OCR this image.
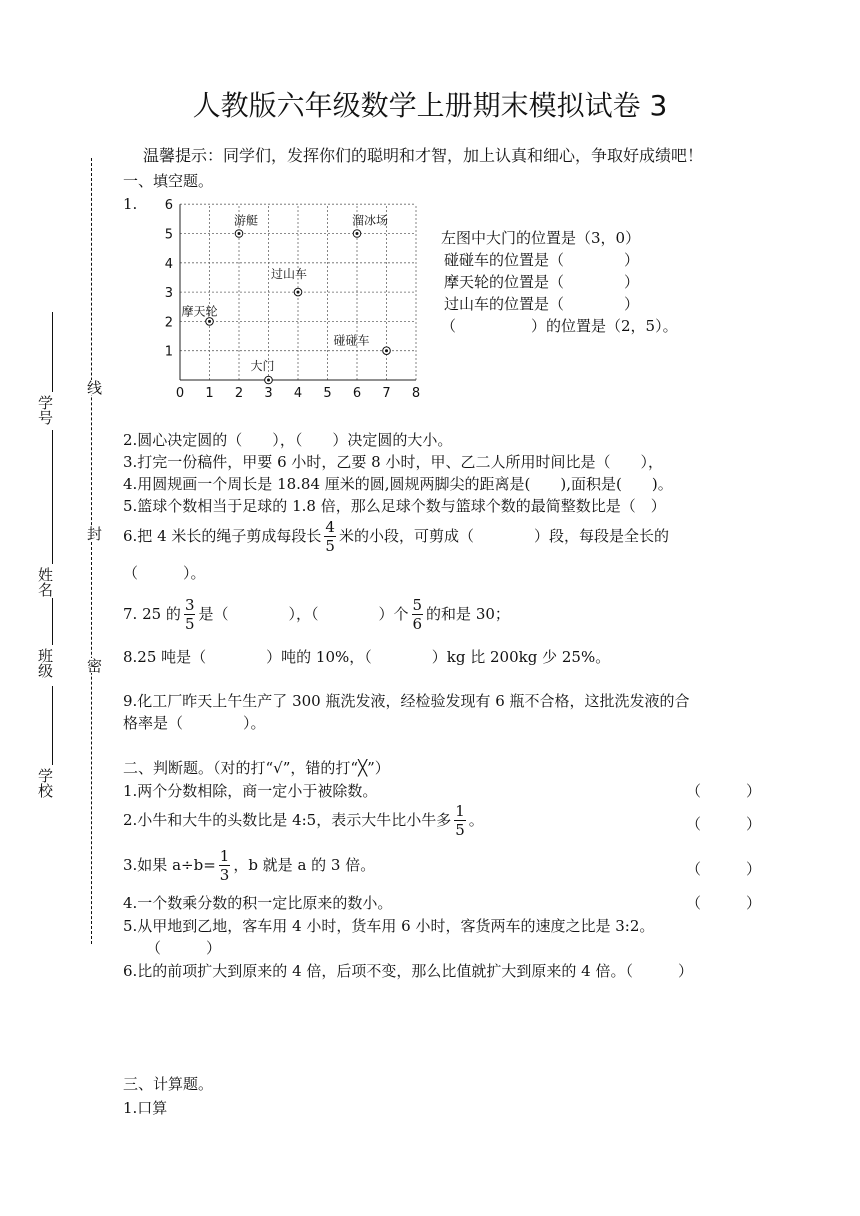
人教版六年级数学上册期末模拟试卷 3
温馨提示：同学们，发挥你们的聪明和才智，加上认真和细心，争取好成绩吧！
学号
姓名
班级
学校
线
封
密
一、填空题。
1.
0 1 2 3 4 5 6 7 8
1
2
3
4
5
6
游艇	溜冰场
过山车
摩天轮
碰碰车
大门
左图中大门的位置是（3，0）
碰碰车的位置是（　　　　）
摩天轮的位置是（　　　　）
过山车的位置是（　　　　）
（　　　　　）的位置是（2，5）。
2.圆心决定圆的（　　），（　　）决定圆的大小。
3.打完一份稿件，甲要 6 小时，乙要 8 小时，甲、乙二人所用时间比是（　　），
4.用圆规画一个周长是 18.84 厘米的圆,圆规两脚尖的距离是(　　),面积是(　　)。
5.篮球个数相当于足球的 1.8 倍，那么足球个数与篮球个数的最简整数比是（　）
6.把 4 米长的绳子剪成每段长 $\frac{4}{5}$ 米的小段，可剪成（　　　　）段，每段是全长的
（　　　）。
7. 25 的 $\frac{3}{5}$ 是（　　　　），（　　　　）个 $\frac{5}{6}$ 的和是 30；
8.25 吨是（　　　　）吨的 10%，（　　　　）kg 比 200kg 少 25%。
9.化工厂昨天上午生产了 300 瓶洗发液，经检验发现有 6 瓶不合格，这批洗发液的合
格率是（　　　　）。
二、判断题。（对的打“√”，错的打“╳”）
1.两个分数相除，商一定小于被除数。	（　　　）
2.小牛和大牛的头数比是 4:5，表示大牛比小牛多 $\frac{1}{5}$ 。	（　　　）
3.如果 $a\div b= \frac{1}{3}$ ，b 就是 a 的 3 倍。	（　　　）
4.一个数乘分数的积一定比原来的数小。	（　　　）
5.从甲地到乙地，客车用 4 小时，货车用 6 小时，客货两车的速度之比是 3:2。
（　　　）
6.比的前项扩大到原来的 4 倍，后项不变，那么比值就扩大到原来的 4 倍。（　　　）
三、计算题。
1.口算
